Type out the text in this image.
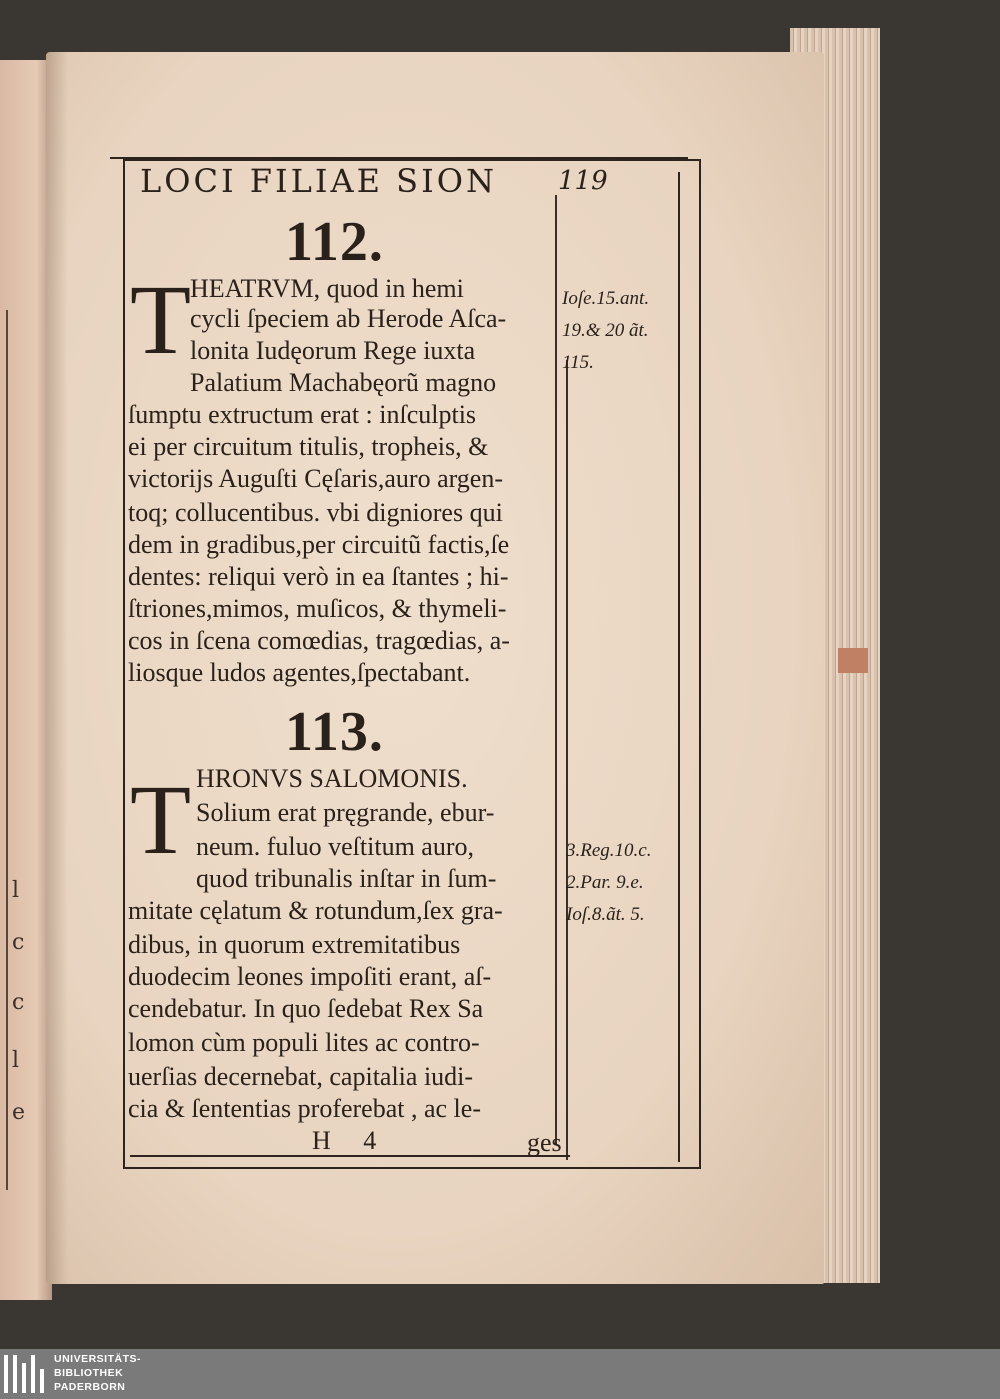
l
c
c
l
e
LOCI FILIAE SION 119
112.
T
HEATRVM, quod in hemi
cycli ſpeciem ab Herode Aſca-
lonita Iudęorum Rege iuxta
Palatium Machabęorũ magno
ſumptu extructum erat : inſculptis
ei per circuitum titulis, tropheis, &
victorijs Auguſti Cęſaris,auro argen-
toq; collucentibus. vbi digniores qui
dem in gradibus,per circuitũ factis,ſe
dentes: reliqui verò in ea ſtantes ; hi-
ſtriones,mimos, muſicos, & thymeli-
cos in ſcena comœdias, tragœdias, a-
liosque ludos agentes,ſpectabant.
Ioſe.15.ant.
19.& 20 ãt.
115.
113.
T HRONVS SALOMONIS.
Solium erat pręgrande, ebur-
neum. fuluo veſtitum auro,
quod tribunalis inſtar in ſum-
mitate cęlatum & rotundum,ſex gra-
dibus, in quorum extremitatibus
duodecim leones impoſiti erant, aſ-
cendebatur. In quo ſedebat Rex Sa
lomon cùm populi lites ac contro-
uerſias decernebat, capitalia iudi-
cia & ſententias proferebat , ac le-
3.Reg.10.c.
2.Par. 9.e.
Ioſ.8.ãt. 5.
H 4	ges
UNIVERSITÄTS-
BIBLIOTHEK
PADERBORN
